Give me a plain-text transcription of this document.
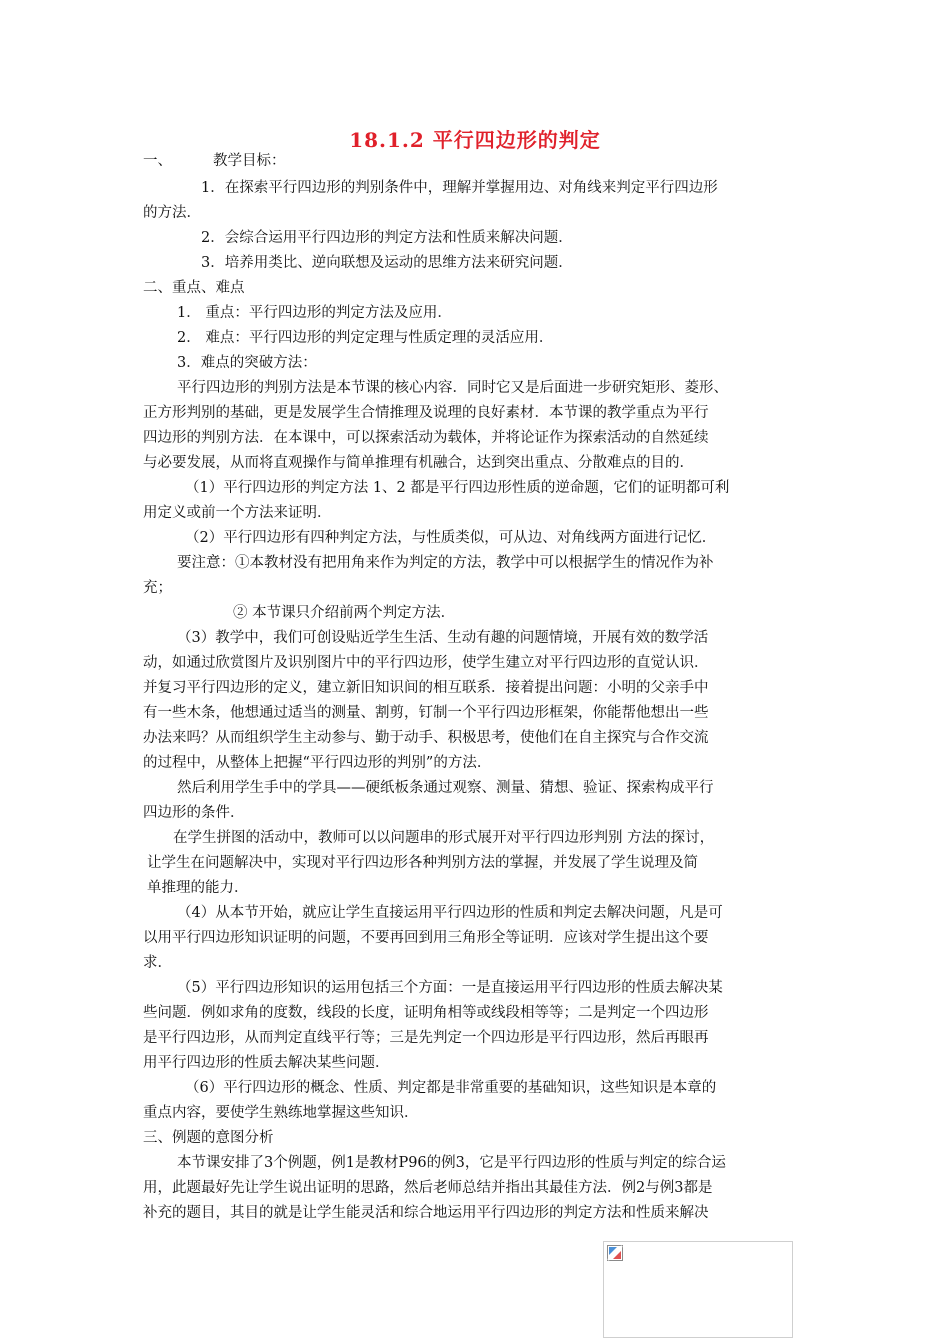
18.1.2 平行四边形的判定
一、	教学目标：
1．在探索平行四边形的判别条件中，理解并掌握用边、对角线来判定平行四边形
的方法．
2．会综合运用平行四边形的判定方法和性质来解决问题．
3．培养用类比、逆向联想及运动的思维方法来研究问题．
二、重点、难点
1． 重点：平行四边形的判定方法及应用．
2． 难点：平行四边形的判定定理与性质定理的灵活应用．
3．难点的突破方法：
平行四边形的判别方法是本节课的核心内容．同时它又是后面进一步研究矩形、菱形、
正方形判别的基础，更是发展学生合情推理及说理的良好素材．本节课的教学重点为平行
四边形的判别方法．在本课中，可以探索活动为载体，并将论证作为探索活动的自然延续
与必要发展，从而将直观操作与简单推理有机融合，达到突出重点、分散难点的目的．
（1）平行四边形的判定方法 1、2 都是平行四边形性质的逆命题，它们的证明都可利
用定义或前一个方法来证明．
（2）平行四边形有四种判定方法，与性质类似，可从边、对角线两方面进行记忆．
要注意：①本教材没有把用角来作为判定的方法，教学中可以根据学生的情况作为补
充；
② 本节课只介绍前两个判定方法．
（3）教学中，我们可创设贴近学生生活、生动有趣的问题情境，开展有效的数学活
动，如通过欣赏图片及识别图片中的平行四边形，使学生建立对平行四边形的直觉认识．
并复习平行四边形的定义，建立新旧知识间的相互联系．接着提出问题：小明的父亲手中
有一些木条，他想通过适当的测量、割剪，钉制一个平行四边形框架，你能帮他想出一些
办法来吗？从而组织学生主动参与、勤于动手、积极思考，使他们在自主探究与合作交流
的过程中，从整体上把握“平行四边形的判别”的方法．
然后利用学生手中的学具——硬纸板条通过观察、测量、猜想、验证、探索构成平行
四边形的条件．
在学生拼图的活动中，教师可以以问题串的形式展开对平行四边形判别 方法的探讨，
让学生在问题解决中，实现对平行四边形各种判别方法的掌握，并发展了学生说理及简
单推理的能力．
（4）从本节开始，就应让学生直接运用平行四边形的性质和判定去解决问题，凡是可
以用平行四边形知识证明的问题，不要再回到用三角形全等证明．应该对学生提出这个要
求．
（5）平行四边形知识的运用包括三个方面：一是直接运用平行四边形的性质去解决某
些问题．例如求角的度数，线段的长度，证明角相等或线段相等等；二是判定一个四边形
是平行四边形，从而判定直线平行等；三是先判定一个四边形是平行四边形，然后再眼再
用平行四边形的性质去解决某些问题．
（6）平行四边形的概念、性质、判定都是非常重要的基础知识，这些知识是本章的
重点内容，要使学生熟练地掌握这些知识．
三、例题的意图分析
本节课安排了3个例题，例1是教材P96的例3，它是平行四边形的性质与判定的综合运
用，此题最好先让学生说出证明的思路，然后老师总结并指出其最佳方法．例2与例3都是
补充的题目，其目的就是让学生能灵活和综合地运用平行四边形的判定方法和性质来解决
